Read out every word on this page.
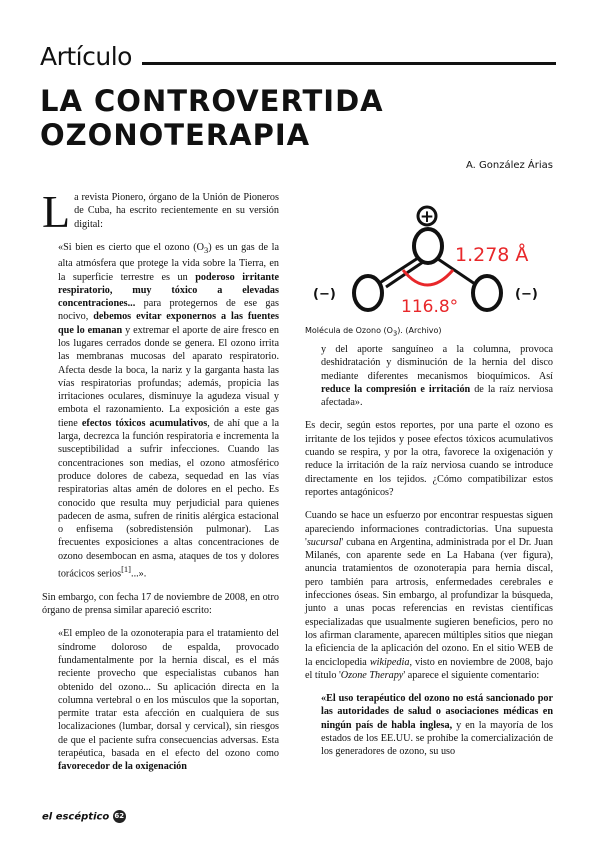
Artículo
LA CONTROVERTIDA
OZONOTERAPIA
A. González Árias

La revista Pionero, órgano de la Unión de Pioneros de Cuba, ha escrito recientemente en su versión digital:

«Si bien es cierto que el ozono $(O_3)$ es un gas de la alta atmósfera que protege la vida sobre la Tierra, en la superficie terrestre es un poderoso irritante respiratorio, muy tóxico a elevadas concentraciones... para protegernos de ese gas nocivo, debemos evitar exponernos a las fuentes que lo emanan y extremar el aporte de aire fresco en los lugares cerrados donde se genera. El ozono irrita las membranas mucosas del aparato respiratorio. Afecta desde la boca, la nariz y la garganta hasta las vías respiratorias profundas; además, propicia las irritaciones oculares, disminuye la agudeza visual y embota el razonamiento. La exposición a este gas tiene efectos tóxicos acumulativos, de ahí que a la larga, decrezca la función respiratoria e incrementa la susceptibilidad a sufrir infecciones. Cuando las concentraciones son medias, el ozono atmosférico produce dolores de cabeza, sequedad en las vías respiratorias altas amén de dolores en el pecho. Es conocido que resulta muy perjudicial para quienes padecen de asma, sufren de rinitis alérgica estacional o enfisema (sobredistensión pulmonar). Las frecuentes exposiciones a altas concentraciones de ozono desembocan en asma, ataques de tos y dolores torácicos serios[1]...».

Sin embargo, con fecha 17 de noviembre de 2008, en otro órgano de prensa similar apareció escrito:

«El empleo de la ozonoterapia para el tratamiento del síndrome doloroso de espalda, provocado fundamentalmente por la hernia discal, es el más reciente provecho que especialistas cubanos han obtenido del ozono... Su aplicación directa en la columna vertebral o en los músculos que la soportan, permite tratar esta afección en cualquiera de sus localizaciones (lumbar, dorsal y cervical), sin riesgos de que el paciente sufra consecuencias adversas. Esta terapéutica, basada en el efecto del ozono como favorecedor de la oxigenación

+
1.278 Å
116.8°
(−)	(−)
Molécula de Ozono $(O_3)$. (Archivo)

y del aporte sanguíneo a la columna, provoca deshidratación y disminución de la hernia del disco mediante diferentes mecanismos bioquímicos. Así reduce la compresión e irritación de la raíz nerviosa afectada».

Es decir, según estos reportes, por una parte el ozono es irritante de los tejidos y posee efectos tóxicos acumulativos cuando se respira, y por la otra, favorece la oxigenación y reduce la irritación de la raíz nerviosa cuando se introduce directamente en los tejidos. ¿Cómo compatibilizar estos reportes antagónicos?

Cuando se hace un esfuerzo por encontrar respuestas siguen apareciendo informaciones contradictorias. Una supuesta 'sucursal' cubana en Argentina, administrada por el Dr. Juan Milanés, con aparente sede en La Habana (ver figura), anuncia tratamientos de ozonoterapia para hernia discal, pero también para artrosis, enfermedades cerebrales e infecciones óseas. Sin embargo, al profundizar la búsqueda, junto a unas pocas referencias en revistas científicas especializadas que usualmente sugieren beneficios, pero no los afirman claramente, aparecen múltiples sitios que niegan la eficiencia de la aplicación del ozono. En el sitio WEB de la enciclopedia wikipedia, visto en noviembre de 2008, bajo el título 'Ozone Therapy' aparece el siguiente comentario:

«El uso terapéutico del ozono no está sancionado por las autoridades de salud o asociaciones médicas en ningún país de habla inglesa, y en la mayoría de los estados de los EE.UU. se prohíbe la comercialización de los generadores de ozono, su uso

el escéptico 62
